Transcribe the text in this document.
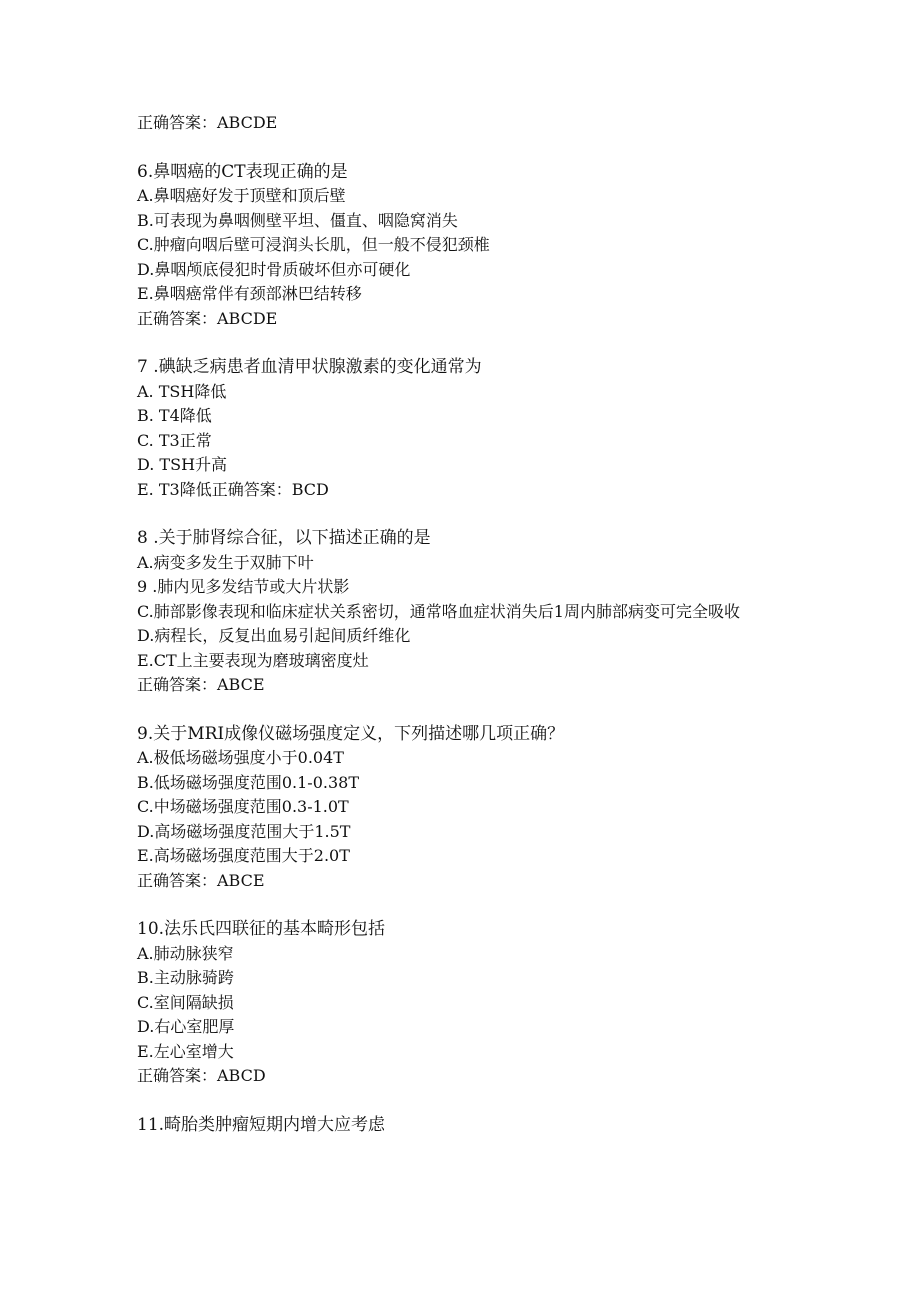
正确答案：ABCDE
6.鼻咽癌的CT表现正确的是
A.鼻咽癌好发于顶壁和顶后壁
B.可表现为鼻咽侧壁平坦、僵直、咽隐窝消失
C.肿瘤向咽后壁可浸润头长肌，但一般不侵犯颈椎
D.鼻咽颅底侵犯时骨质破坏但亦可硬化
E.鼻咽癌常伴有颈部淋巴结转移
正确答案：ABCDE
7 .碘缺乏病患者血清甲状腺激素的变化通常为
A. TSH降低
B. T4降低
C. T3正常
D. TSH升高
E. T3降低正确答案：BCD
8 .关于肺肾综合征，以下描述正确的是
A.病变多发生于双肺下叶
9 .肺内见多发结节或大片状影
C.肺部影像表现和临床症状关系密切，通常咯血症状消失后1周内肺部病变可完全吸收
D.病程长，反复出血易引起间质纤维化
E.CT上主要表现为磨玻璃密度灶
正确答案：ABCE
9.关于MRI成像仪磁场强度定义，下列描述哪几项正确？
A.极低场磁场强度小于0.04T
B.低场磁场强度范围0.1-0.38T
C.中场磁场强度范围0.3-1.0T
D.高场磁场强度范围大于1.5T
E.高场磁场强度范围大于2.0T
正确答案：ABCE
10.法乐氏四联征的基本畸形包括
A.肺动脉狭窄
B.主动脉骑跨
C.室间隔缺损
D.右心室肥厚
E.左心室增大
正确答案：ABCD
11.畸胎类肿瘤短期内增大应考虑
